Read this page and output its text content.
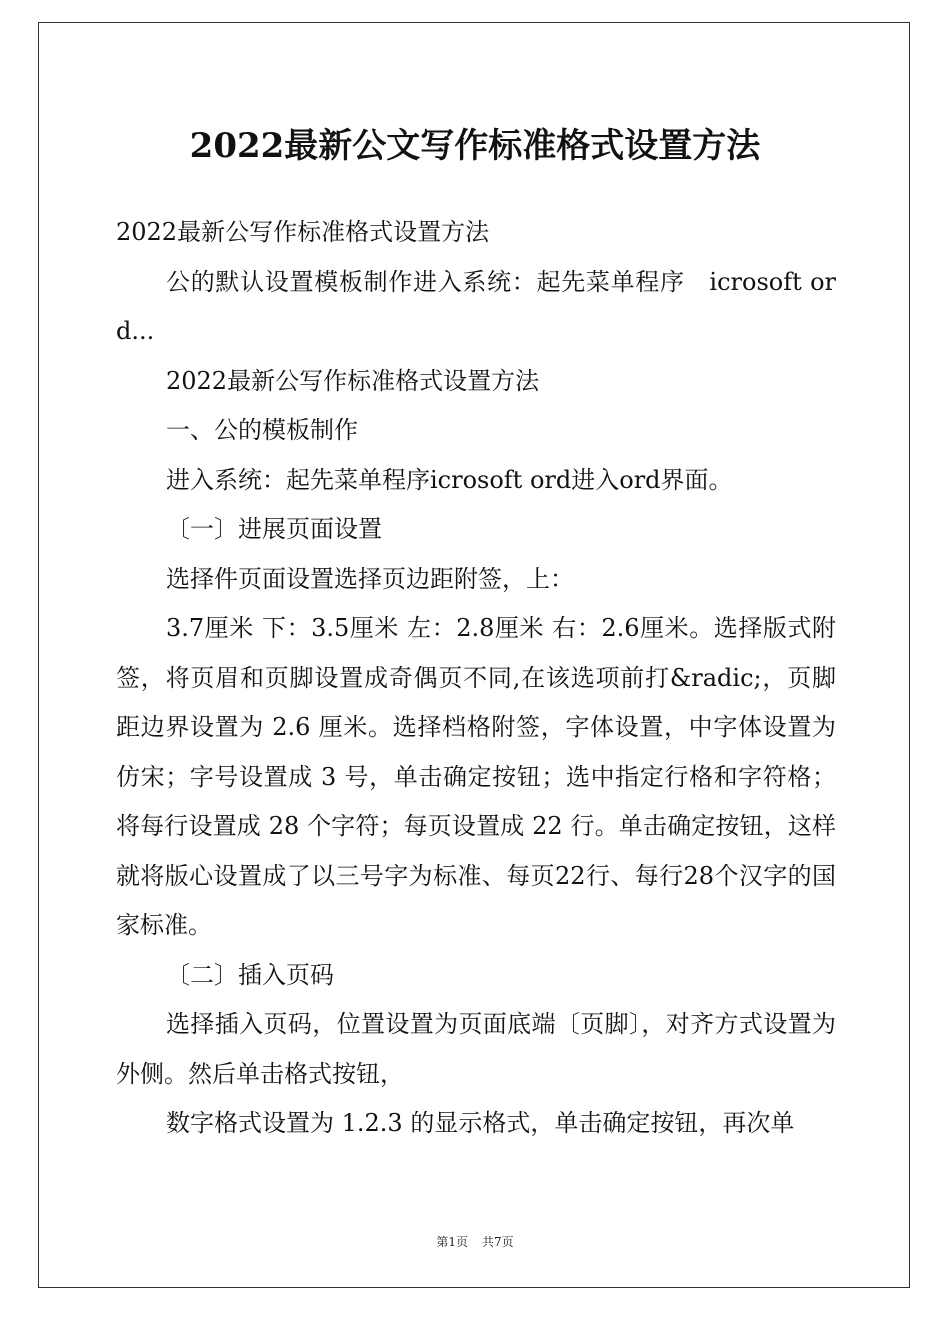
2022最新公文写作标准格式设置方法

2022最新公写作标准格式设置方法

公的默认设置模板制作进入系统：起先菜单程序　icrosoft ord...

2022最新公写作标准格式设置方法

一、公的模板制作

进入系统：起先菜单程序icrosoft ord进入ord界面。

〔一〕进展页面设置

选择件页面设置选择页边距附签，上：

3.7厘米 下：3.5厘米 左：2.8厘米 右：2.6厘米。选择版式附签，将页眉和页脚设置成奇偶页不同,在该选项前打&radic;，页脚距边界设置为 2.6 厘米。选择档格附签，字体设置，中字体设置为仿宋；字号设置成 3 号，单击确定按钮；选中指定行格和字符格；将每行设置成 28 个字符；每页设置成 22 行。单击确定按钮，这样就将版心设置成了以三号字为标准、每页22行、每行28个汉字的国家标准。

〔二〕插入页码

选择插入页码，位置设置为页面底端〔页脚〕，对齐方式设置为外侧。然后单击格式按钮，

数字格式设置为 1.2.3 的显示格式，单击确定按钮，再次单

第1页 共7页
